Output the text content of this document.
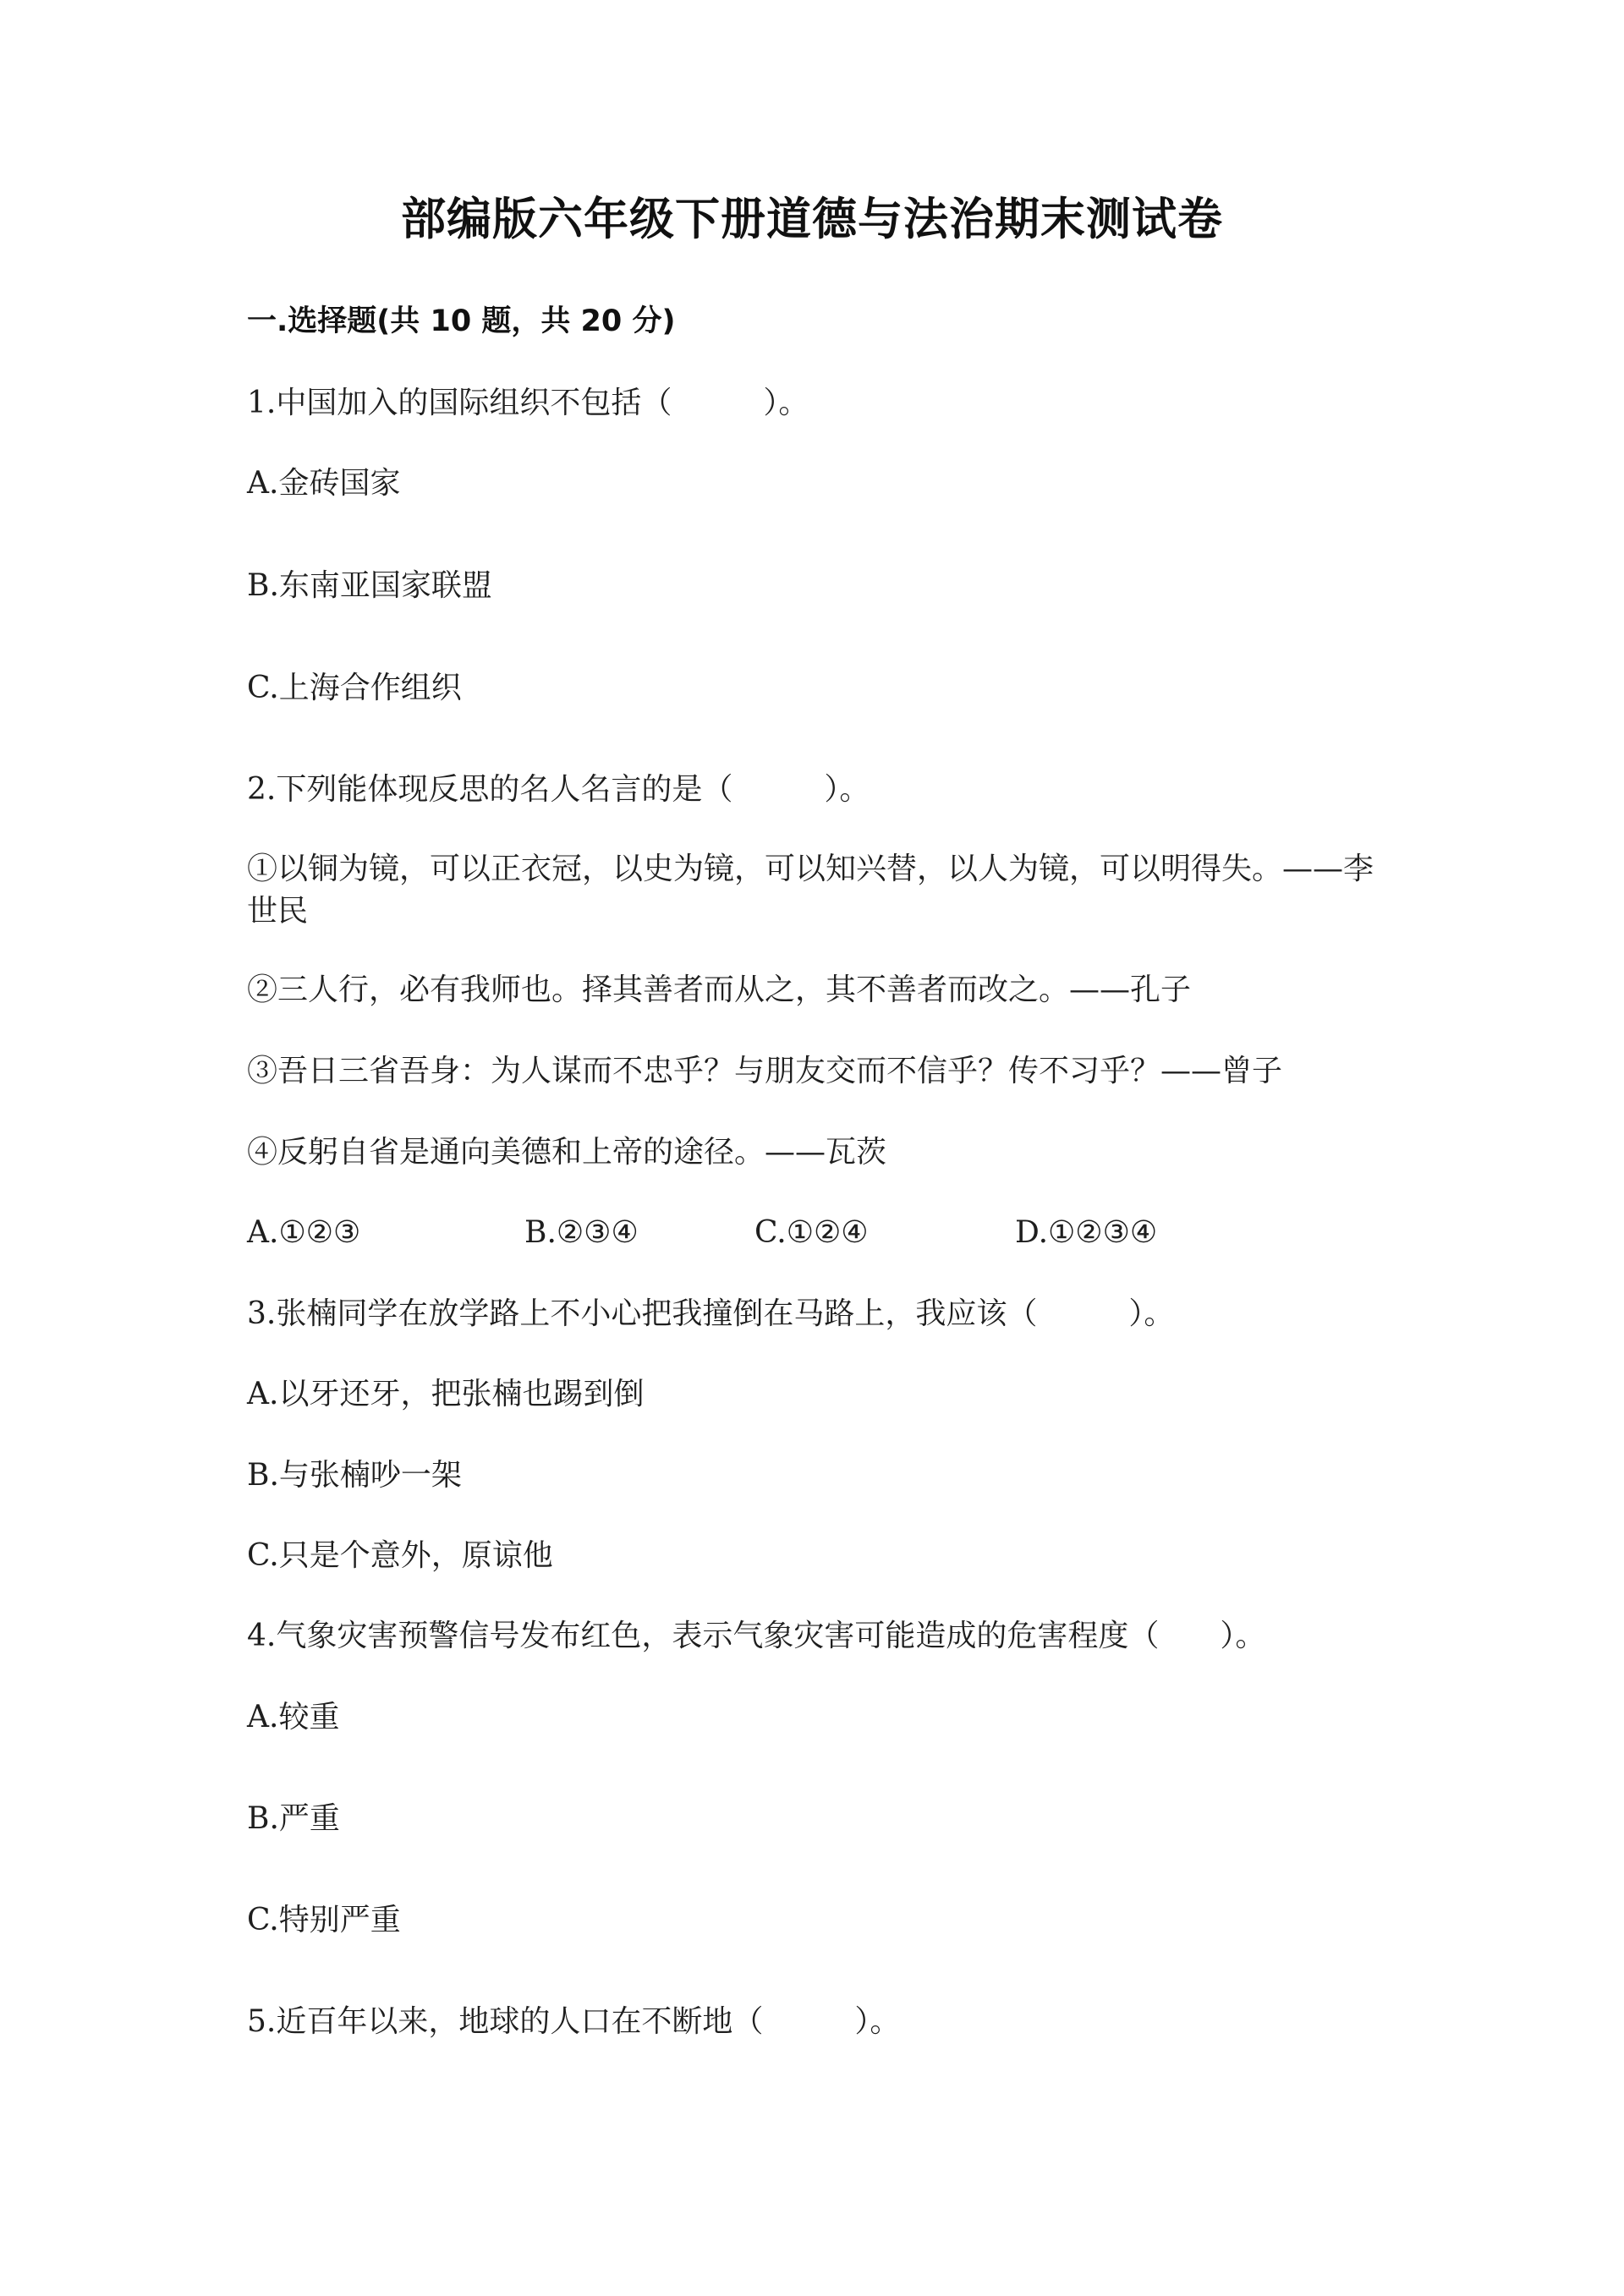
部编版六年级下册道德与法治期末测试卷
一.选择题(共 10 题，共 20 分)
1.中国加入的国际组织不包括（　　　）。
A.金砖国家
B.东南亚国家联盟
C.上海合作组织
2.下列能体现反思的名人名言的是（　　　）。
①以铜为镜，可以正衣冠，以史为镜，可以知兴替，以人为镜，可以明得失。——李世民
②三人行，必有我师也。择其善者而从之，其不善者而改之。——孔子
③吾日三省吾身：为人谋而不忠乎？与朋友交而不信乎？传不习乎？——曾子
④反躬自省是通向美德和上帝的途径。——瓦茨
A.①②③	B.②③④	C.①②④	D.①②③④
3.张楠同学在放学路上不小心把我撞倒在马路上，我应该（　　　）。
A.以牙还牙，把张楠也踢到倒
B.与张楠吵一架
C.只是个意外，原谅他
4.气象灾害预警信号发布红色，表示气象灾害可能造成的危害程度（　　）。
A.较重
B.严重
C.特别严重
5.近百年以来，地球的人口在不断地（　　　）。
